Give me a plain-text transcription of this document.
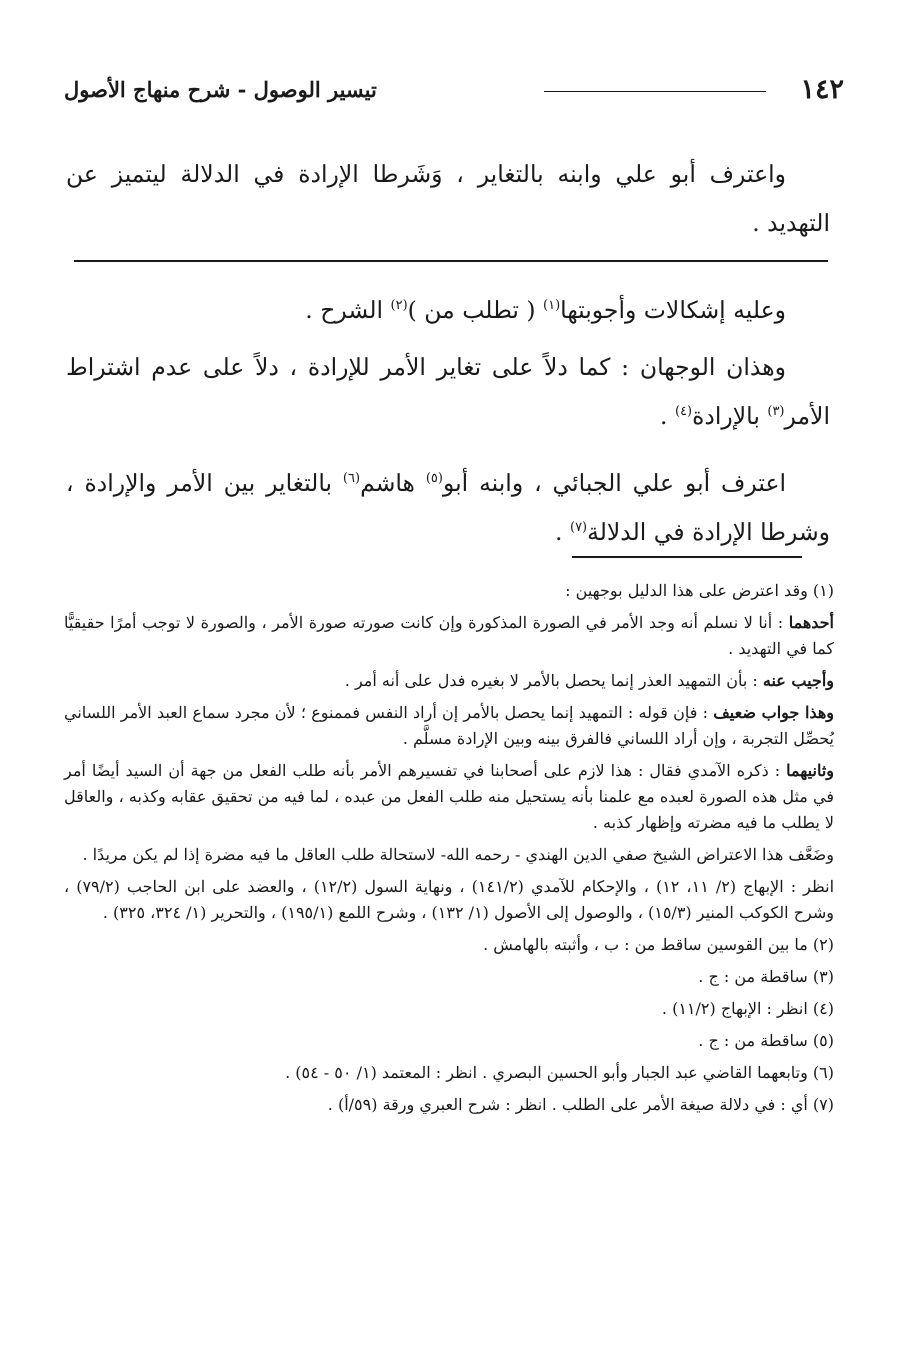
١٤٢
تيسير الوصول - شرح منهاج الأصول

واعترف أبو علي وابنه بالتغاير ، وَشَرطا الإرادة في الدلالة ليتميز عن التهديد .

وعليه إشكالات وأجوبتها$^{(١)}$ ( تطلب من )$^{(٢)}$ الشرح .

وهذان الوجهان : كما دلاً على تغاير الأمر للإرادة ، دلاً على عدم اشتراط الأمر$^{(٣)}$ بالإرادة$^{(٤)}$ .

اعترف أبو علي الجبائي ، وابنه أبو$^{(٥)}$ هاشم$^{(٦)}$ بالتغاير بين الأمر والإرادة ، وشرطا الإرادة في الدلالة$^{(٧)}$ .

(١) وقد اعترض على هذا الدليل بوجهين :

أحدهما : أنا لا نسلم أنه وجد الأمر في الصورة المذكورة وإن كانت صورته صورة الأمر ، والصورة لا توجب أمرًا حقيقيًّا كما في التهديد .

وأجيب عنه : بأن التمهيد العذر إنما يحصل بالأمر لا بغيره فدل على أنه أمر .

وهذا جواب ضعيف : فإن قوله : التمهيد إنما يحصل بالأمر إن أراد النفس فممنوع ؛ لأن مجرد سماع العبد الأمر اللساني يُحصِّل التجربة ، وإن أراد اللساني فالفرق بينه وبين الإرادة مسلَّم .

وثانيهما : ذكره الآمدي فقال : هذا لازم على أصحابنا في تفسيرهم الأمر بأنه طلب الفعل من جهة أن السيد أيضًا أمر في مثل هذه الصورة لعبده مع علمنا بأنه يستحيل منه طلب الفعل من عبده ، لما فيه من تحقيق عقابه وكذبه ، والعاقل لا يطلب ما فيه مضرته وإظهار كذبه .

وضَعَّف هذا الاعتراض الشيخ صفي الدين الهندي - رحمه الله- لاستحالة طلب العاقل ما فيه مضرة إذا لم يكن مريدًا .

انظر : الإبهاج (٢/ ١١، ١٢) ، والإحكام للآمدي (١٤١/٢) ، ونهاية السول (١٢/٢) ، والعضد على ابن الحاجب (٧٩/٢) ، وشرح الكوكب المنير (١٥/٣) ، والوصول إلى الأصول (١/ ١٣٢) ، وشرح اللمع (١٩٥/١) ، والتحرير (١/ ٣٢٤، ٣٢٥) .

(٢) ما بين القوسين ساقط من : ب ، وأثبته بالهامش .

(٣) ساقطة من : ج .

(٤) انظر : الإبهاج (١١/٢) .

(٥) ساقطة من : ج .

(٦) وتابعهما القاضي عبد الجبار وأبو الحسين البصري . انظر : المعتمد (١/ ٥٠ - ٥٤) .

(٧) أي : في دلالة صيغة الأمر على الطلب . انظر : شرح العبري ورقة (٥٩/أ) .
